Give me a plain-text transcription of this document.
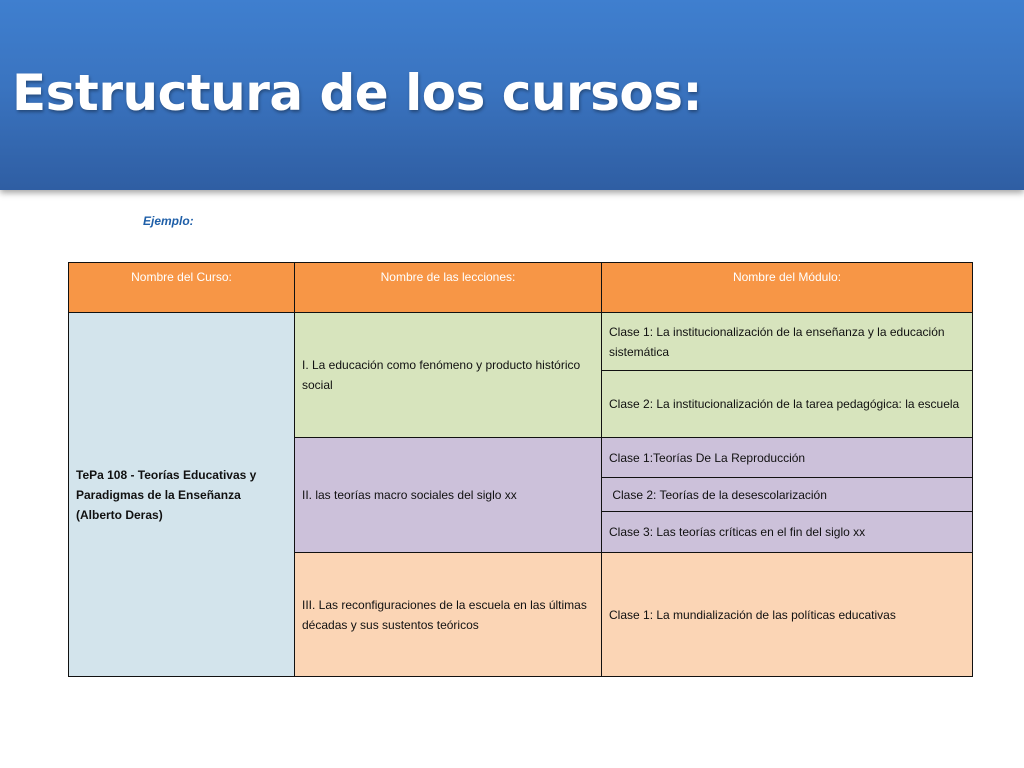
Estructura de los cursos:
Ejemplo:
Nombre del Curso:	Nombre de las lecciones:	Nombre del Módulo:
TePa 108 - Teorías Educativas y Paradigmas de la Enseñanza (Alberto Deras)	I. La educación como fenómeno y producto histórico social	Clase 1: La institucionalización de la enseñanza y la educación sistemática
		Clase 2: La institucionalización de la tarea pedagógica: la escuela
	II. las teorías macro sociales del siglo xx	Clase 1:Teorías De La Reproducción
		Clase 2: Teorías de la desescolarización
		Clase 3: Las teorías críticas en el fin del siglo xx
	III. Las reconfiguraciones de la escuela en las últimas décadas y sus sustentos teóricos	Clase 1: La mundialización de las políticas educativas
